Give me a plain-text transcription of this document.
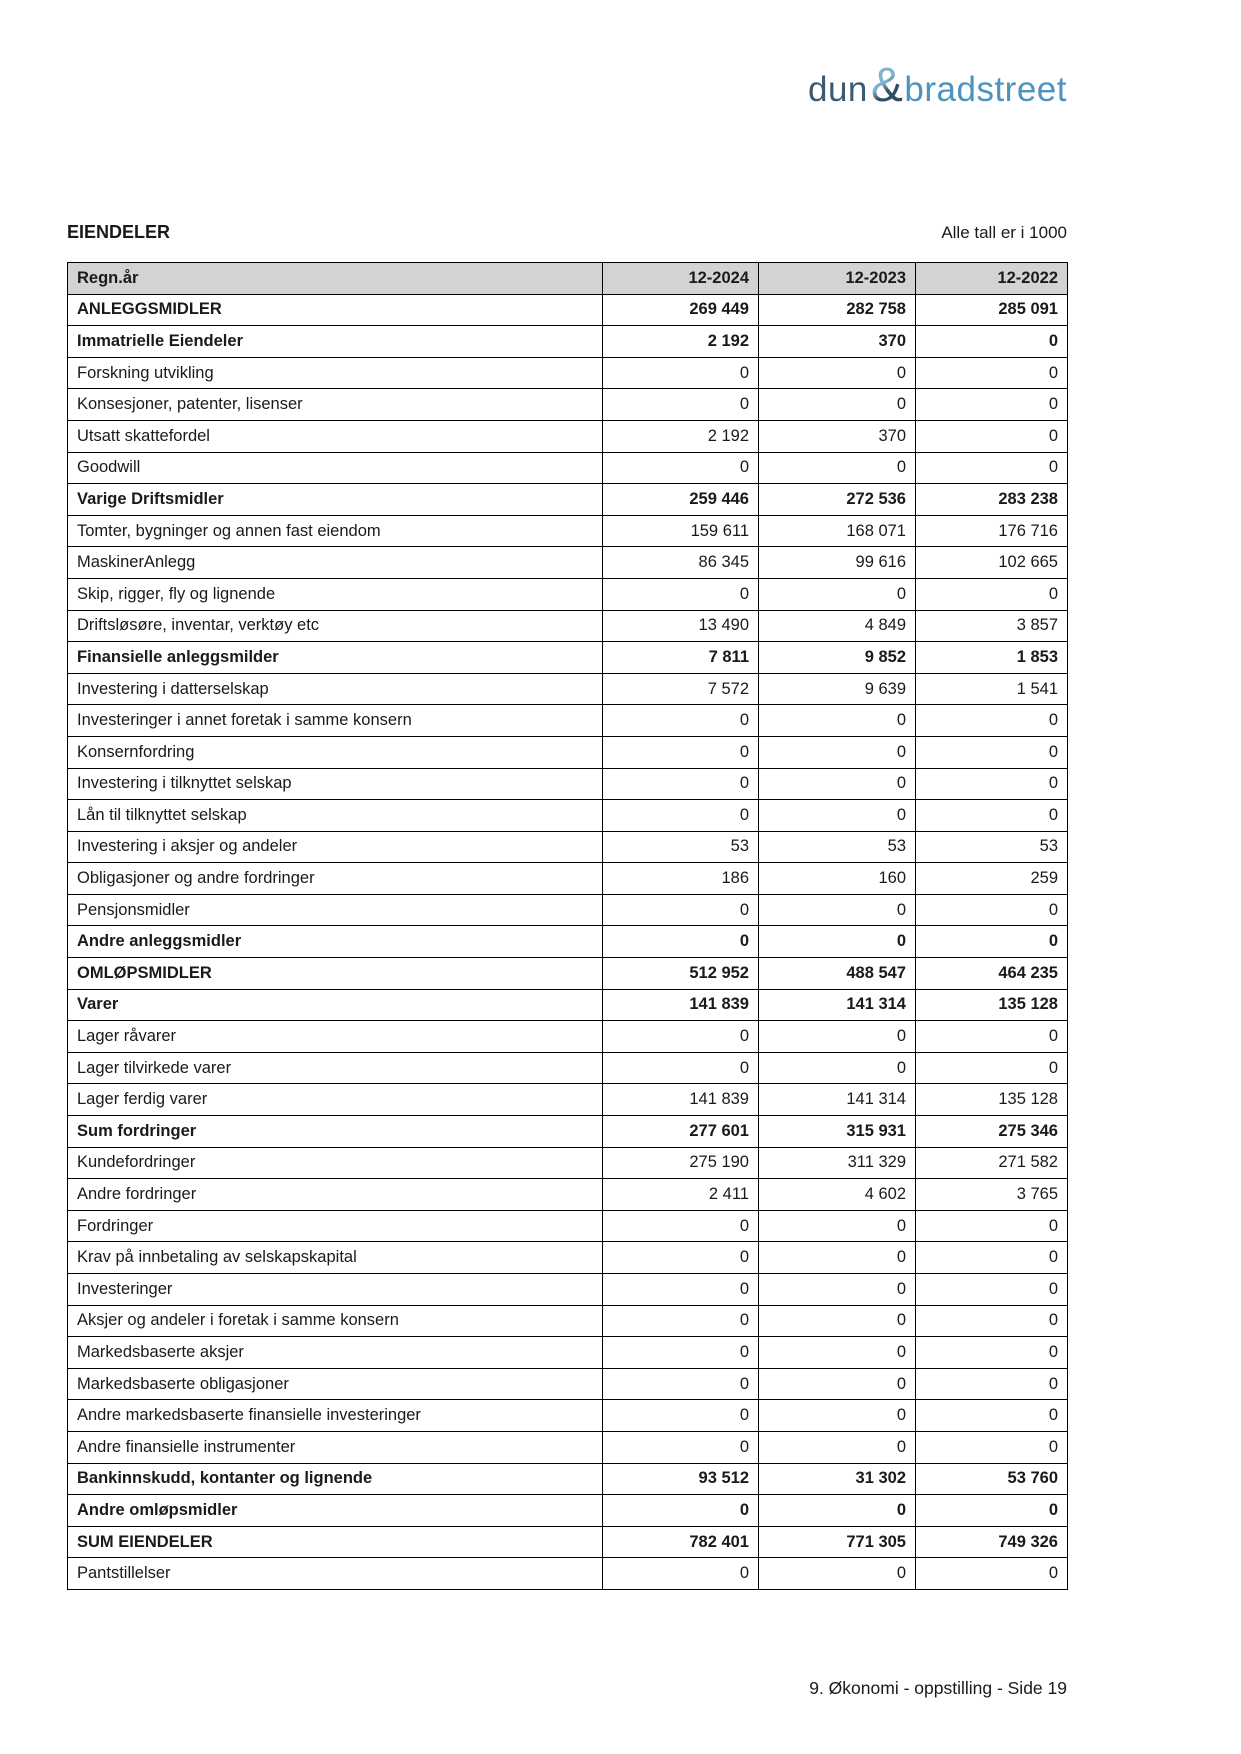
dun & bradstreet
EIENDELER	Alle tall er i 1000
Regn.år	12-2024	12-2023	12-2022
ANLEGGSMIDLER	269 449	282 758	285 091
Immatrielle Eiendeler	2 192	370	0
Forskning utvikling	0	0	0
Konsesjoner, patenter, lisenser	0	0	0
Utsatt skattefordel	2 192	370	0
Goodwill	0	0	0
Varige Driftsmidler	259 446	272 536	283 238
Tomter, bygninger og annen fast eiendom	159 611	168 071	176 716
MaskinerAnlegg	86 345	99 616	102 665
Skip, rigger, fly og lignende	0	0	0
Driftsløsøre, inventar, verktøy etc	13 490	4 849	3 857
Finansielle anleggsmilder	7 811	9 852	1 853
Investering i datterselskap	7 572	9 639	1 541
Investeringer i annet foretak i samme konsern	0	0	0
Konsernfordring	0	0	0
Investering i tilknyttet selskap	0	0	0
Lån til tilknyttet selskap	0	0	0
Investering i aksjer og andeler	53	53	53
Obligasjoner og andre fordringer	186	160	259
Pensjonsmidler	0	0	0
Andre anleggsmidler	0	0	0
OMLØPSMIDLER	512 952	488 547	464 235
Varer	141 839	141 314	135 128
Lager råvarer	0	0	0
Lager tilvirkede varer	0	0	0
Lager ferdig varer	141 839	141 314	135 128
Sum fordringer	277 601	315 931	275 346
Kundefordringer	275 190	311 329	271 582
Andre fordringer	2 411	4 602	3 765
Fordringer	0	0	0
Krav på innbetaling av selskapskapital	0	0	0
Investeringer	0	0	0
Aksjer og andeler i foretak i samme konsern	0	0	0
Markedsbaserte aksjer	0	0	0
Markedsbaserte obligasjoner	0	0	0
Andre markedsbaserte finansielle investeringer	0	0	0
Andre finansielle instrumenter	0	0	0
Bankinnskudd, kontanter og lignende	93 512	31 302	53 760
Andre omløpsmidler	0	0	0
SUM EIENDELER	782 401	771 305	749 326
Pantstillelser	0	0	0
9. Økonomi - oppstilling - Side 19
